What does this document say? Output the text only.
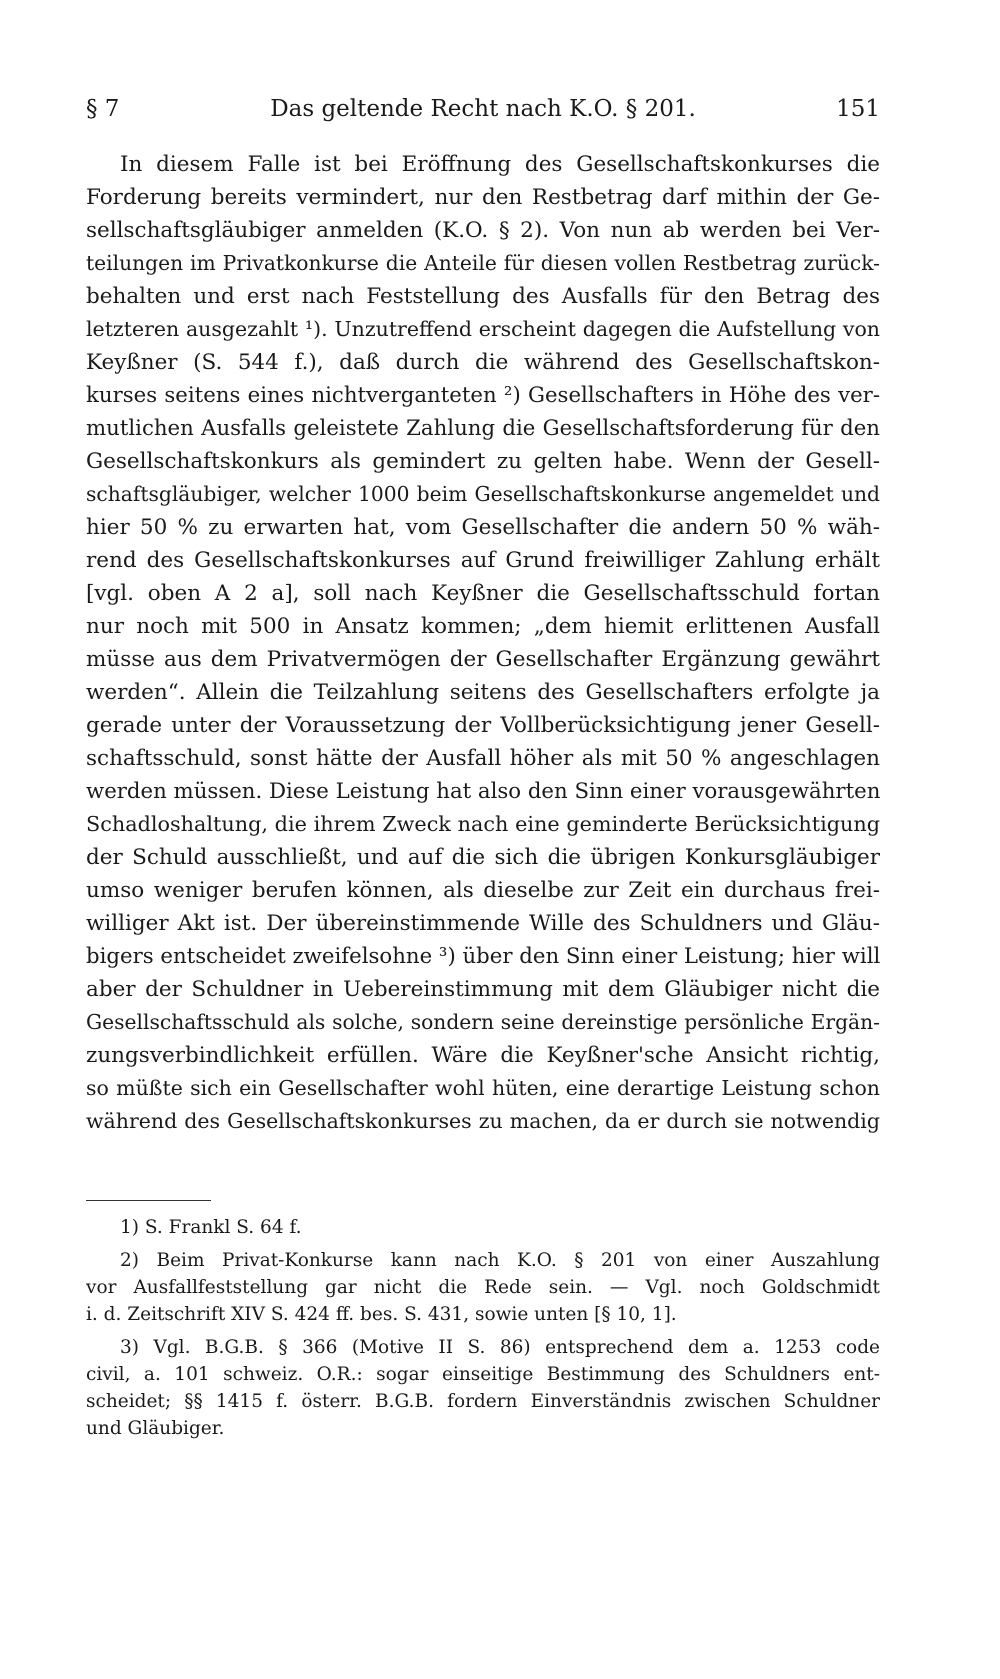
§ 7	Das geltende Recht nach K.O. § 201.	151
In diesem Falle ist bei Eröffnung des Gesellschaftskonkurses die
Forderung bereits vermindert, nur den Restbetrag darf mithin der Ge-
sellschaftsgläubiger anmelden (K.O. § 2). Von nun ab werden bei Ver-
teilungen im Privatkonkurse die Anteile für diesen vollen Restbetrag zurück-
behalten und erst nach Feststellung des Ausfalls für den Betrag des
letzteren ausgezahlt ¹). Unzutreffend erscheint dagegen die Aufstellung von
Keyßner (S. 544 f.), daß durch die während des Gesellschaftskon-
kurses seitens eines nichtverganteten ²) Gesellschafters in Höhe des ver-
mutlichen Ausfalls geleistete Zahlung die Gesellschaftsforderung für den
Gesellschaftskonkurs als gemindert zu gelten habe. Wenn der Gesell-
schaftsgläubiger, welcher 1000 beim Gesellschaftskonkurse angemeldet und
hier 50 % zu erwarten hat, vom Gesellschafter die andern 50 % wäh-
rend des Gesellschaftskonkurses auf Grund freiwilliger Zahlung erhält
[vgl. oben A 2 a], soll nach Keyßner die Gesellschaftsschuld fortan
nur noch mit 500 in Ansatz kommen; „dem hiemit erlittenen Ausfall
müsse aus dem Privatvermögen der Gesellschafter Ergänzung gewährt
werden“. Allein die Teilzahlung seitens des Gesellschafters erfolgte ja
gerade unter der Voraussetzung der Vollberücksichtigung jener Gesell-
schaftsschuld, sonst hätte der Ausfall höher als mit 50 % angeschlagen
werden müssen. Diese Leistung hat also den Sinn einer vorausgewährten
Schadloshaltung, die ihrem Zweck nach eine geminderte Berücksichtigung
der Schuld ausschließt, und auf die sich die übrigen Konkursgläubiger
umso weniger berufen können, als dieselbe zur Zeit ein durchaus frei-
williger Akt ist. Der übereinstimmende Wille des Schuldners und Gläu-
bigers entscheidet zweifelsohne ³) über den Sinn einer Leistung; hier will
aber der Schuldner in Uebereinstimmung mit dem Gläubiger nicht die
Gesellschaftsschuld als solche, sondern seine dereinstige persönliche Ergän-
zungsverbindlichkeit erfüllen. Wäre die Keyßner'sche Ansicht richtig,
so müßte sich ein Gesellschafter wohl hüten, eine derartige Leistung schon
während des Gesellschaftskonkurses zu machen, da er durch sie notwendig
1) S. Frankl S. 64 f.
2) Beim Privat-Konkurse kann nach K.O. § 201 von einer Auszahlung
vor Ausfallfeststellung gar nicht die Rede sein. — Vgl. noch Goldschmidt
i. d. Zeitschrift XIV S. 424 ff. bes. S. 431, sowie unten [§ 10, 1].
3) Vgl. B.G.B. § 366 (Motive II S. 86) entsprechend dem a. 1253 code
civil, a. 101 schweiz. O.R.: sogar einseitige Bestimmung des Schuldners ent-
scheidet; §§ 1415 f. österr. B.G.B. fordern Einverständnis zwischen Schuldner
und Gläubiger.
